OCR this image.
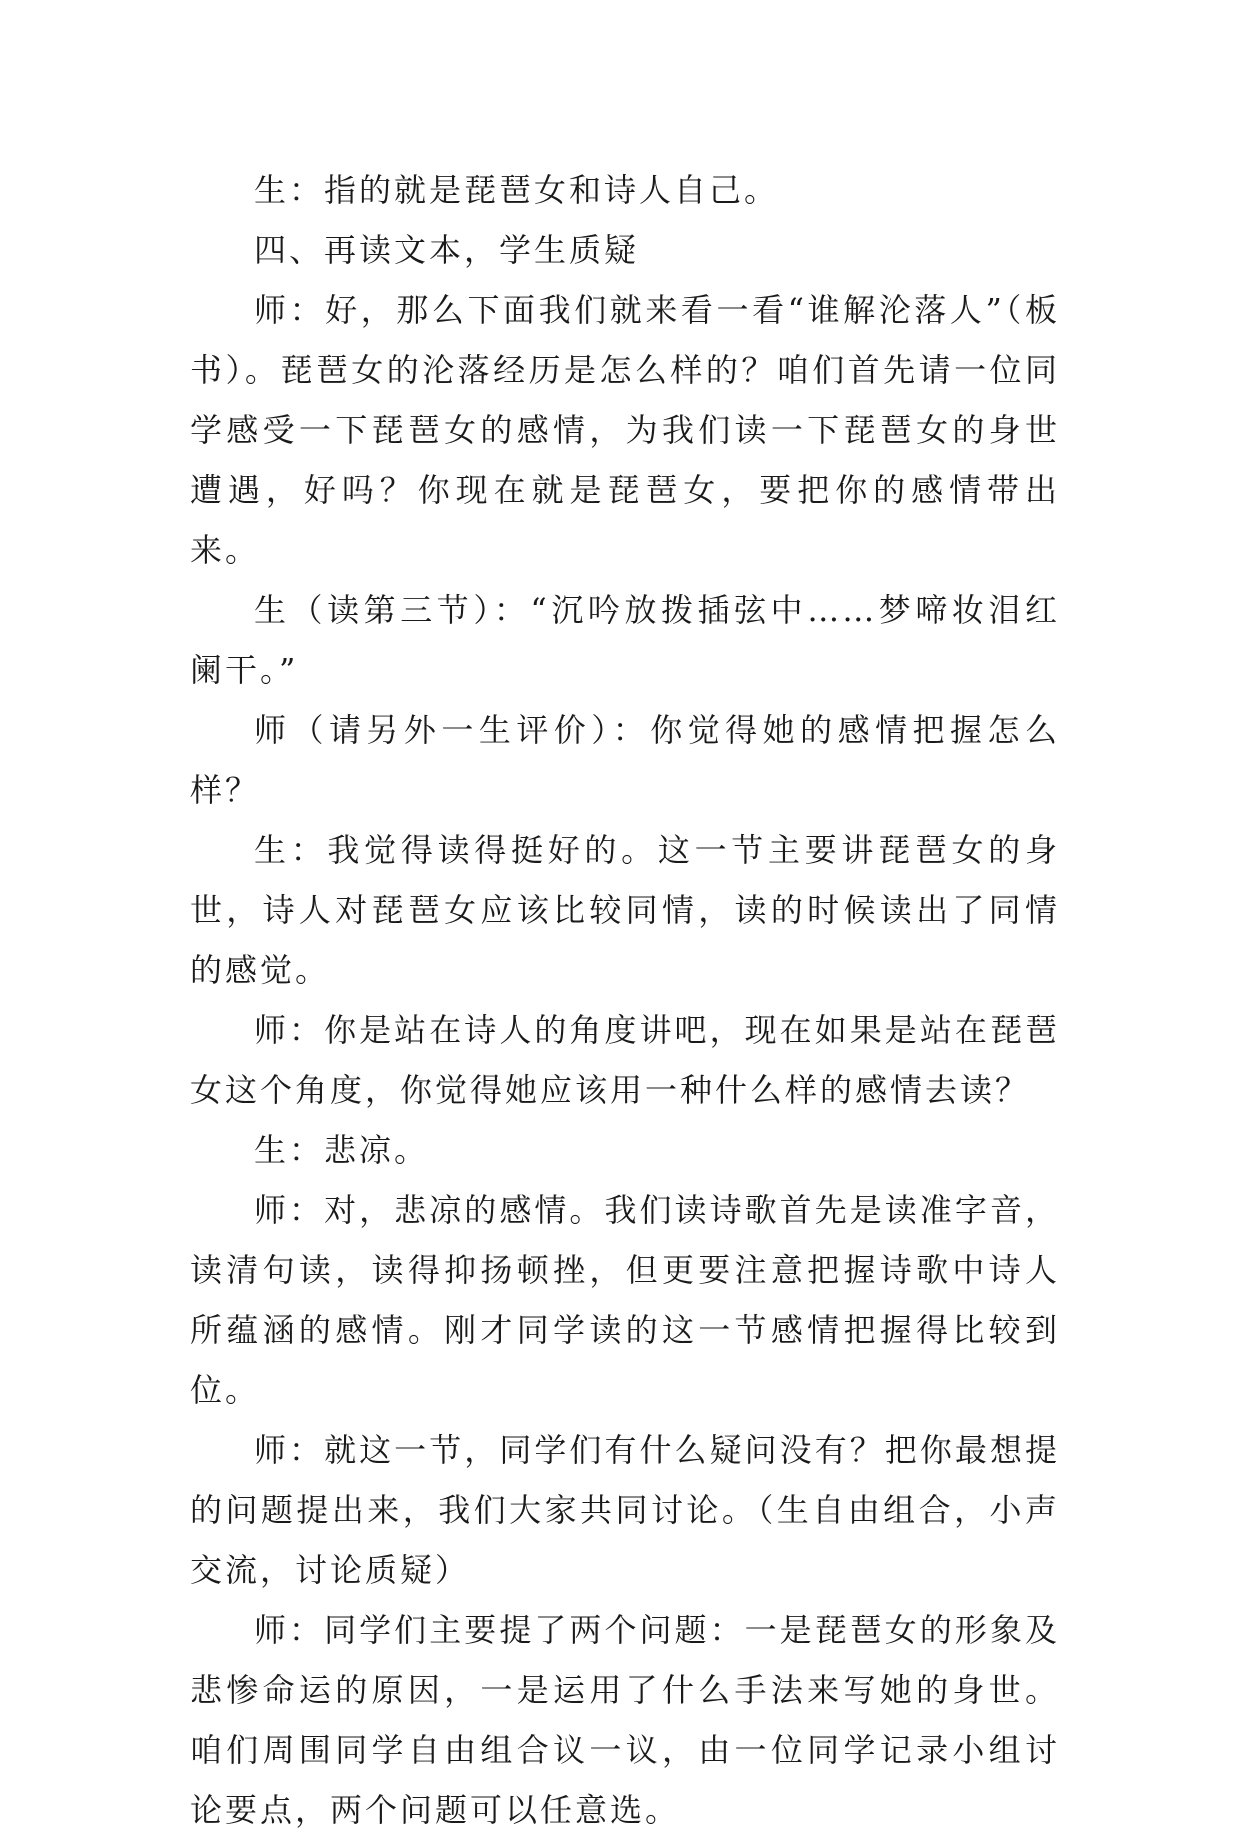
生：指的就是琵琶女和诗人自己。

四、再读文本，学生质疑

师：好，那么下面我们就来看一看“谁解沦落人”（板书）。琵琶女的沦落经历是怎么样的？咱们首先请一位同学感受一下琵琶女的感情，为我们读一下琵琶女的身世遭遇，好吗？你现在就是琵琶女，要把你的感情带出来。

生（读第三节）：“沉吟放拨插弦中……梦啼妆泪红阑干。”

师（请另外一生评价）：你觉得她的感情把握怎么样？

生：我觉得读得挺好的。这一节主要讲琵琶女的身世，诗人对琵琶女应该比较同情，读的时候读出了同情的感觉。

师：你是站在诗人的角度讲吧，现在如果是站在琵琶女这个角度，你觉得她应该用一种什么样的感情去读？

生：悲凉。

师：对，悲凉的感情。我们读诗歌首先是读准字音，读清句读，读得抑扬顿挫，但更要注意把握诗歌中诗人所蕴涵的感情。刚才同学读的这一节感情把握得比较到位。

师：就这一节，同学们有什么疑问没有？把你最想提的问题提出来，我们大家共同讨论。（生自由组合，小声交流，讨论质疑）

师：同学们主要提了两个问题：一是琵琶女的形象及悲惨命运的原因，一是运用了什么手法来写她的身世。咱们周围同学自由组合议一议，由一位同学记录小组讨论要点，两个问题可以任意选。
